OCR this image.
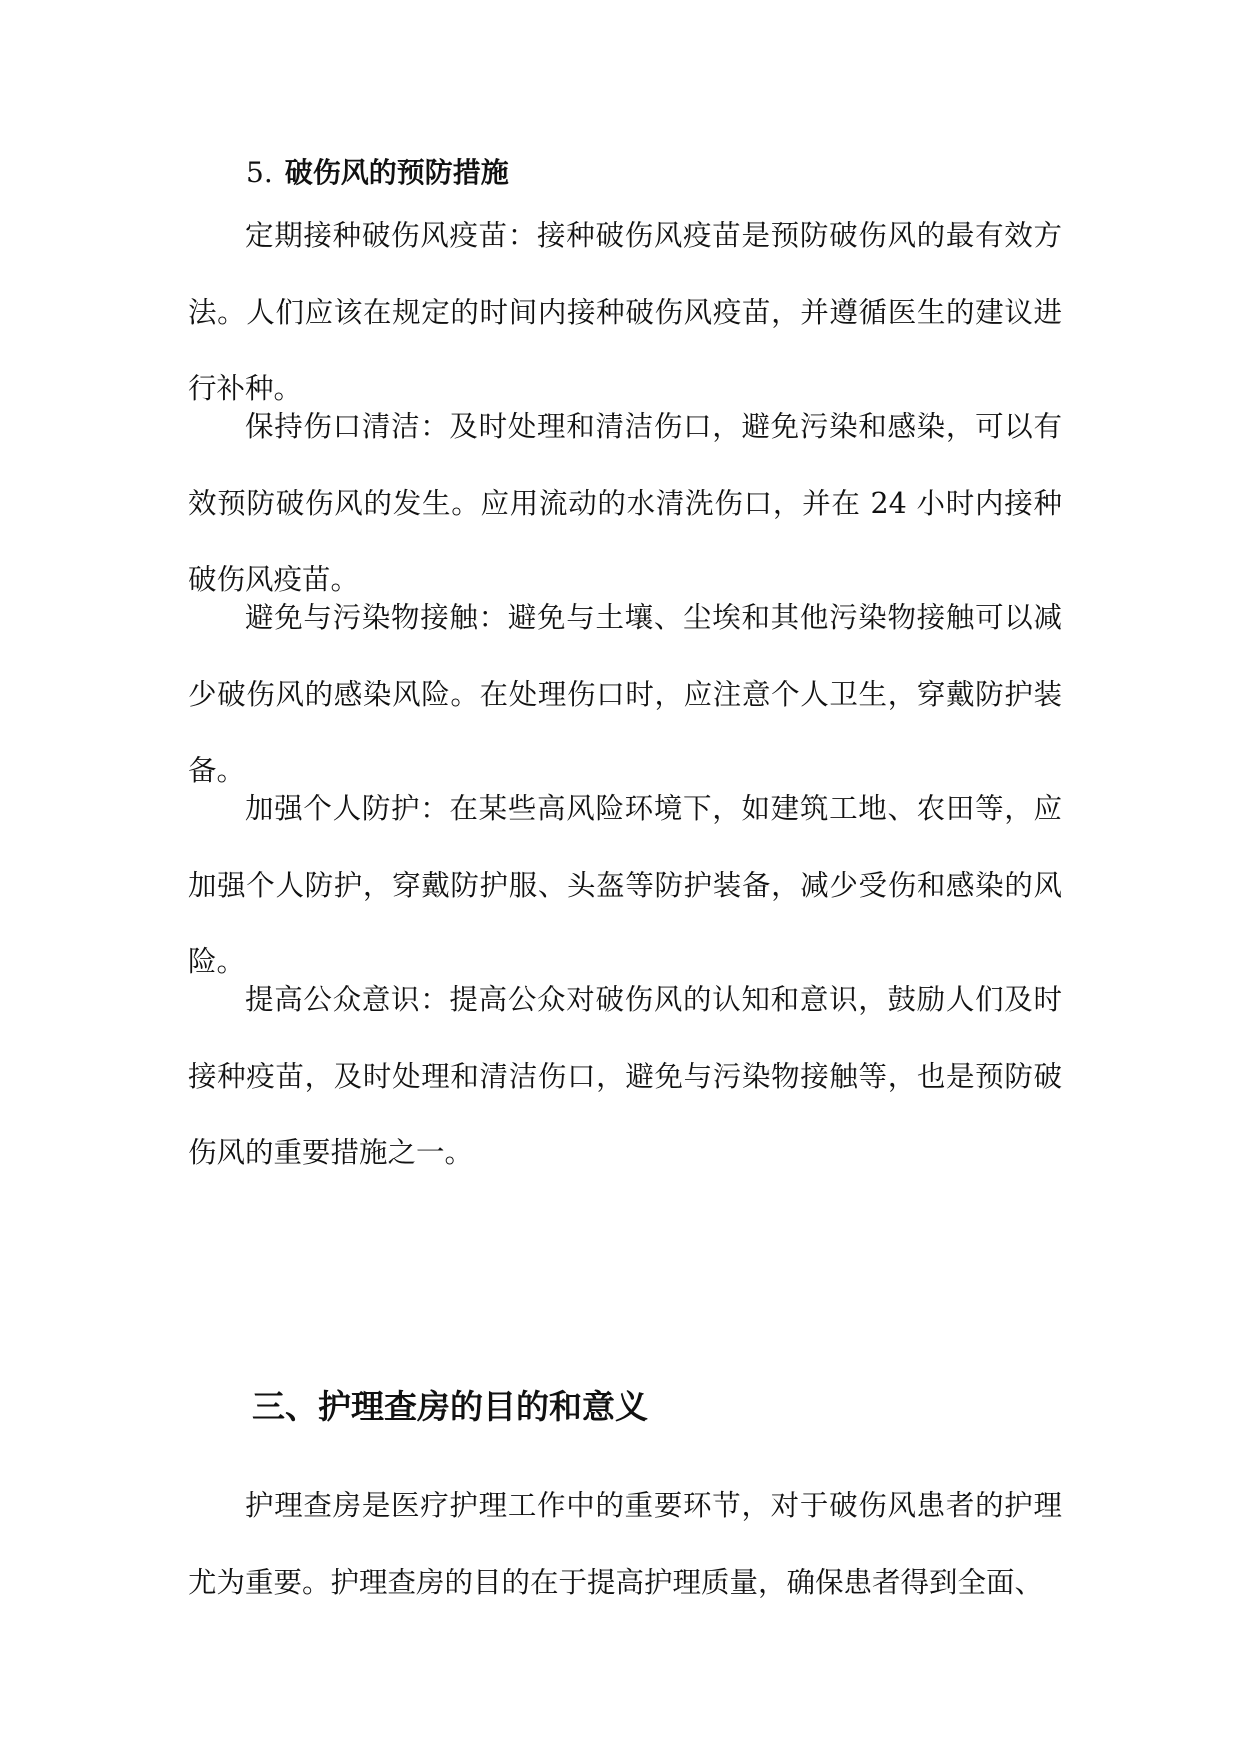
5. 破伤风的预防措施

定期接种破伤风疫苗：接种破伤风疫苗是预防破伤风的最有效方法。人们应该在规定的时间内接种破伤风疫苗，并遵循医生的建议进行补种。

保持伤口清洁：及时处理和清洁伤口，避免污染和感染，可以有效预防破伤风的发生。应用流动的水清洗伤口，并在 24 小时内接种破伤风疫苗。

避免与污染物接触：避免与土壤、尘埃和其他污染物接触可以减少破伤风的感染风险。在处理伤口时，应注意个人卫生，穿戴防护装备。

加强个人防护：在某些高风险环境下，如建筑工地、农田等，应加强个人防护，穿戴防护服、头盔等防护装备，减少受伤和感染的风险。

提高公众意识：提高公众对破伤风的认知和意识，鼓励人们及时接种疫苗，及时处理和清洁伤口，避免与污染物接触等，也是预防破伤风的重要措施之一。

三、护理查房的目的和意义

护理查房是医疗护理工作中的重要环节，对于破伤风患者的护理尤为重要。护理查房的目的在于提高护理质量，确保患者得到全面、
